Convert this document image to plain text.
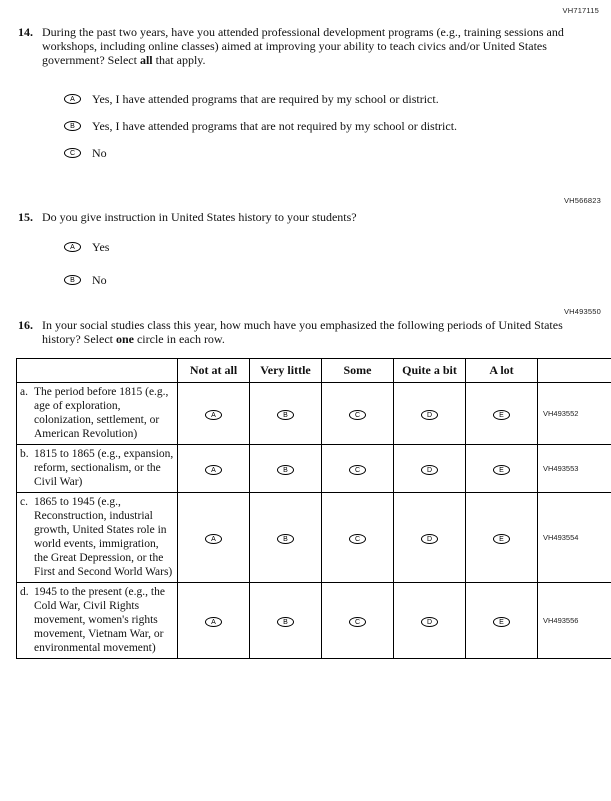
VH717115
14. During the past two years, have you attended professional development programs (e.g., training sessions and workshops, including online classes) aimed at improving your ability to teach civics and/or United States government? Select all that apply.

A	Yes, I have attended programs that are required by my school or district.
B	Yes, I have attended programs that are not required by my school or district.
C	No
VH566823
15. Do you give instruction in United States history to your students?

A	Yes
B	No
VH493550
16. In your social studies class this year, how much have you emphasized the following periods of United States history? Select one circle in each row.

	Not at all	Very little	Some	Quite a bit	A lot	

a. The period before 1815 (e.g., age of exploration, colonization, settlement, or American Revolution)	A	B	C	D	E	VH493552

b. 1815 to 1865 (e.g., expansion, reform, sectionalism, or the Civil War)	A	B	C	D	E	VH493553

c. 1865 to 1945 (e.g., Reconstruction, industrial growth, United States role in world events, immigration, the Great Depression, or the First and Second World Wars)	A	B	C	D	E	VH493554

d. 1945 to the present (e.g., the Cold War, Civil Rights movement, women's rights movement, Vietnam War, or environmental movement)	A	B	C	D	E	VH493556
